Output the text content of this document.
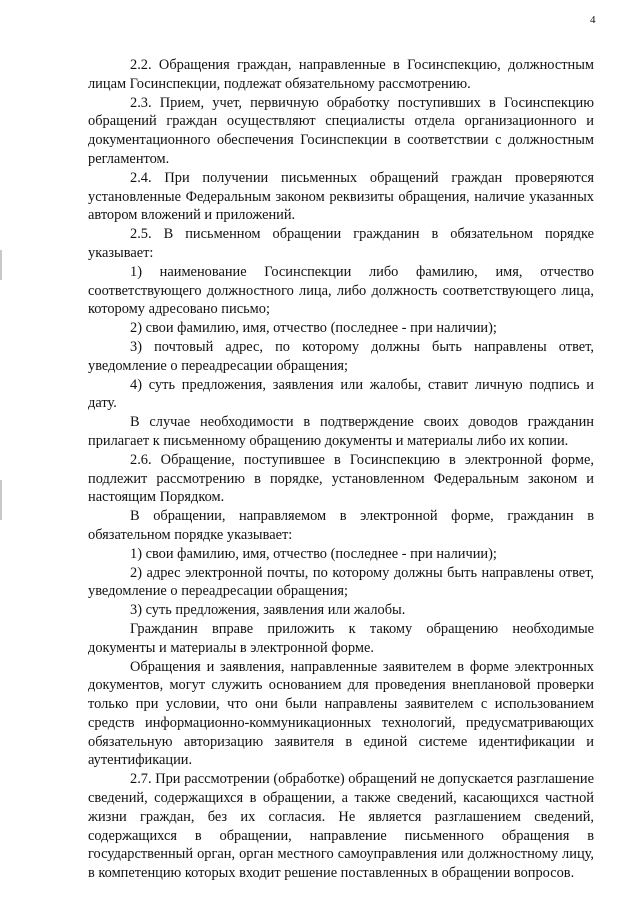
4

2.2. Обращения граждан, направленные в Госинспекцию, должностным лицам Госинспекции, подлежат обязательному рассмотрению.

2.3. Прием, учет, первичную обработку поступивших в Госинспекцию обращений граждан осуществляют специалисты отдела организационного и документационного обеспечения Госинспекции в соответствии с должностным регламентом.

2.4. При получении письменных обращений граждан проверяются установленные Федеральным законом реквизиты обращения, наличие указанных автором вложений и приложений.

2.5. В письменном обращении гражданин в обязательном порядке указывает:

1) наименование Госинспекции либо фамилию, имя, отчество соответствующего должностного лица, либо должность соответствующего лица, которому адресовано письмо;

2) свои фамилию, имя, отчество (последнее - при наличии);

3) почтовый адрес, по которому должны быть направлены ответ, уведомление о переадресации обращения;

4) суть предложения, заявления или жалобы, ставит личную подпись и дату.

В случае необходимости в подтверждение своих доводов гражданин прилагает к письменному обращению документы и материалы либо их копии.

2.6. Обращение, поступившее в Госинспекцию в электронной форме, подлежит рассмотрению в порядке, установленном Федеральным законом и настоящим Порядком.

В обращении, направляемом в электронной форме, гражданин в обязательном порядке указывает:

1) свои фамилию, имя, отчество (последнее - при наличии);

2) адрес электронной почты, по которому должны быть направлены ответ, уведомление о переадресации обращения;

3) суть предложения, заявления или жалобы.

Гражданин вправе приложить к такому обращению необходимые документы и материалы в электронной форме.

Обращения и заявления, направленные заявителем в форме электронных документов, могут служить основанием для проведения внеплановой проверки только при условии, что они были направлены заявителем с использованием средств информационно-коммуникационных технологий, предусматривающих обязательную авторизацию заявителя в единой системе идентификации и аутентификации.

2.7. При рассмотрении (обработке) обращений не допускается разглашение сведений, содержащихся в обращении, а также сведений, касающихся частной жизни граждан, без их согласия. Не является разглашением сведений, содержащихся в обращении, направление письменного обращения в государственный орган, орган местного самоуправления или должностному лицу, в компетенцию которых входит решение поставленных в обращении вопросов.
